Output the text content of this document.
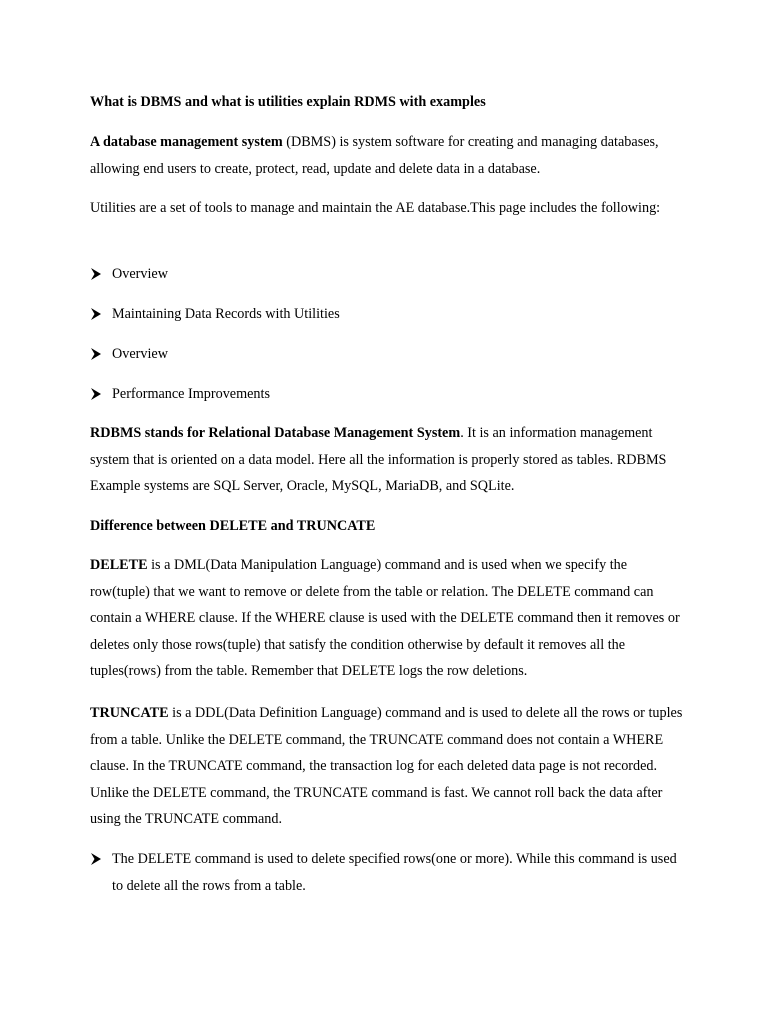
What is DBMS and what is utilities explain RDMS with examples

A database management system (DBMS) is system software for creating and managing databases, allowing end users to create, protect, read, update and delete data in a database.

Utilities are a set of tools to manage and maintain the AE database.This page includes the following:

Overview
Maintaining Data Records with Utilities
Overview
Performance Improvements

RDBMS stands for Relational Database Management System. It is an information management system that is oriented on a data model. Here all the information is properly stored as tables. RDBMS Example systems are SQL Server, Oracle, MySQL, MariaDB, and SQLite.

Difference between DELETE and TRUNCATE

DELETE is a DML(Data Manipulation Language) command and is used when we specify the row(tuple) that we want to remove or delete from the table or relation. The DELETE command can contain a WHERE clause. If the WHERE clause is used with the DELETE command then it removes or deletes only those rows(tuple) that satisfy the condition otherwise by default it removes all the tuples(rows) from the table. Remember that DELETE logs the row deletions.

TRUNCATE is a DDL(Data Definition Language) command and is used to delete all the rows or tuples from a table. Unlike the DELETE command, the TRUNCATE command does not contain a WHERE clause. In the TRUNCATE command, the transaction log for each deleted data page is not recorded. Unlike the DELETE command, the TRUNCATE command is fast. We cannot roll back the data after using the TRUNCATE command.

The DELETE command is used to delete specified rows(one or more). While this command is used to delete all the rows from a table.
